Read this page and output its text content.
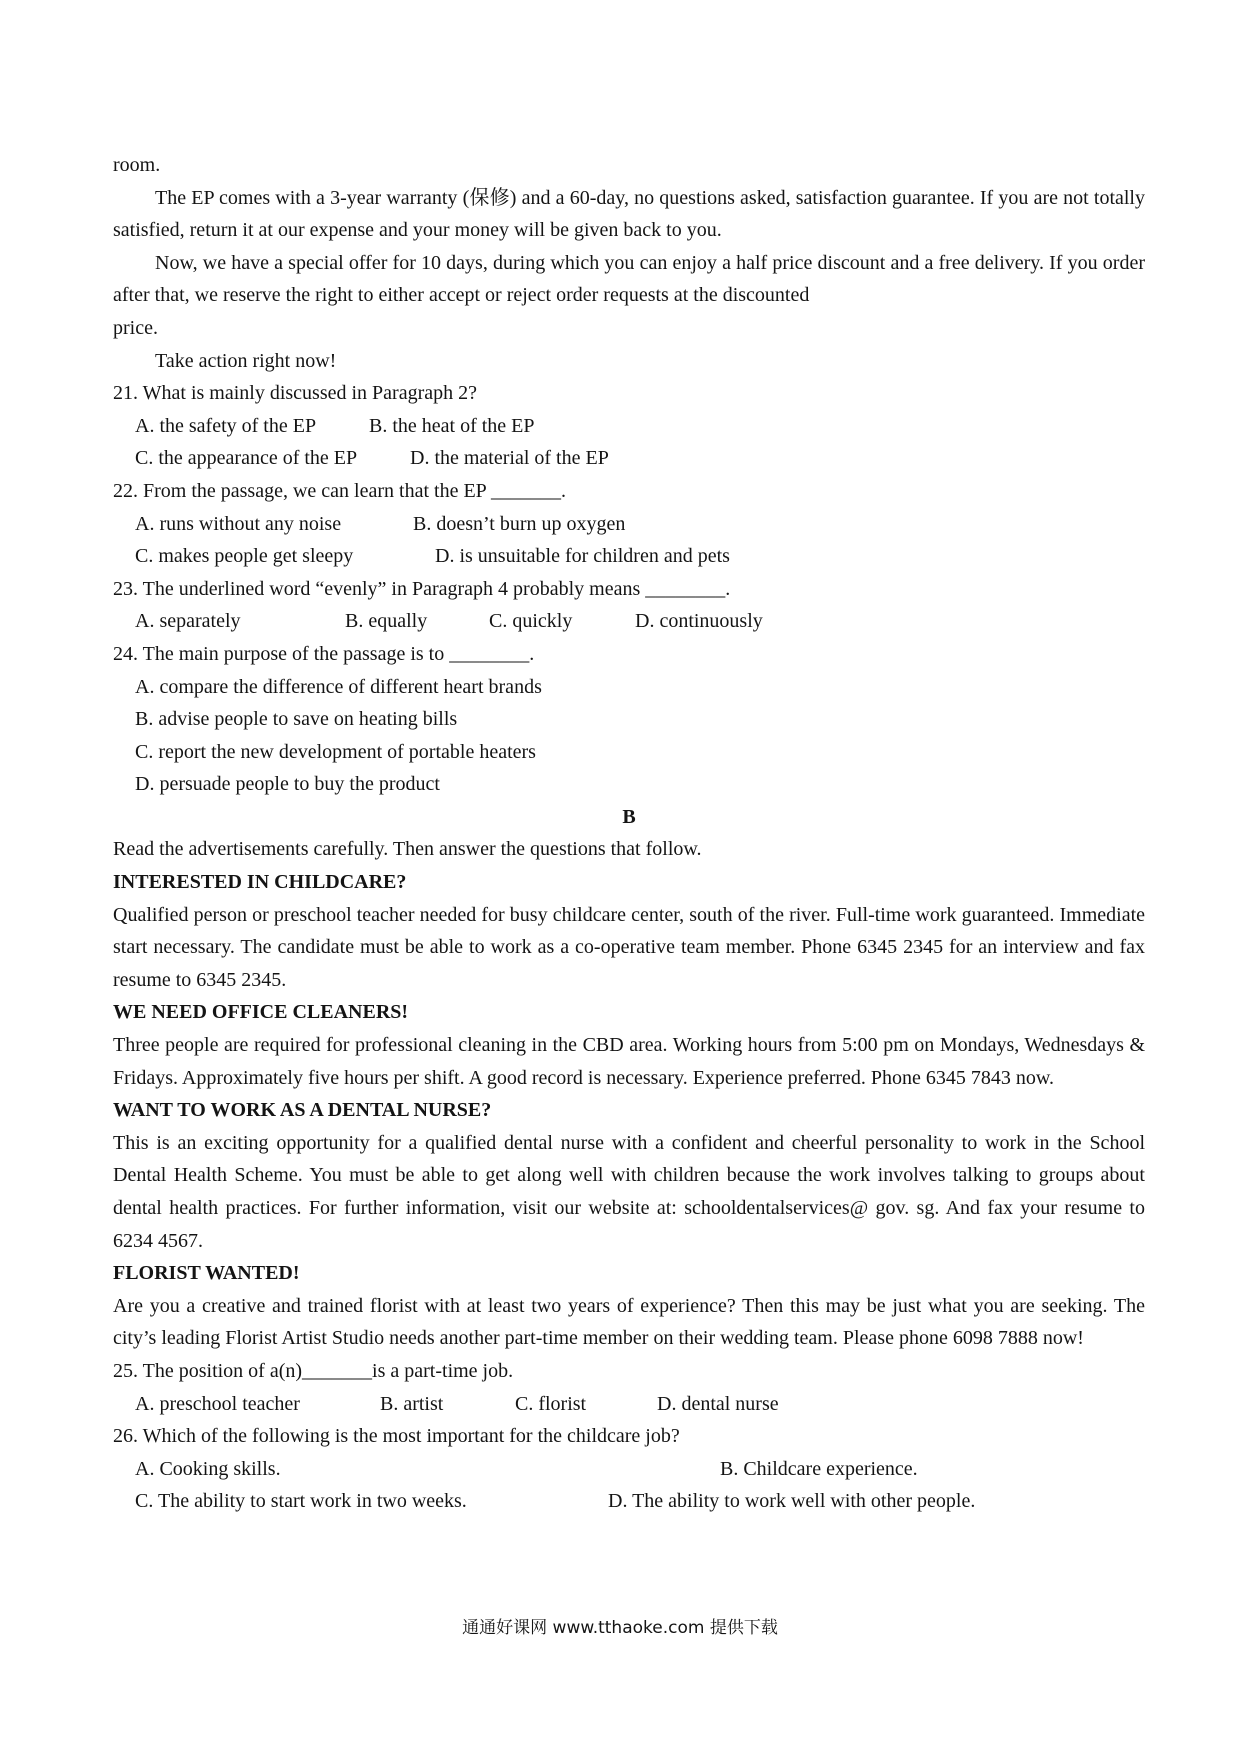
room.

The EP comes with a 3-year warranty (保修) and a 60-day, no questions asked, satisfaction guarantee. If you are not totally satisfied, return it at our expense and your money will be given back to you.

Now, we have a special offer for 10 days, during which you can enjoy a half price discount and a free delivery. If you order after that, we reserve the right to either accept or reject order requests at the discounted

price.

Take action right now!

21. What is mainly discussed in Paragraph 2?

A. the safety of the EP	B. the heat of the EP
C. the appearance of the EP	D. the material of the EP

22. From the passage, we can learn that the EP _______.

A. runs without any noise	B. doesn’t burn up oxygen
C. makes people get sleepy	D. is unsuitable for children and pets

23. The underlined word “evenly” in Paragraph 4 probably means ________.

A. separately	B. equally	C. quickly	D. continuously

24. The main purpose of the passage is to ________.

A. compare the difference of different heart brands
B. advise people to save on heating bills
C. report the new development of portable heaters
D. persuade people to buy the product

B

Read the advertisements carefully. Then answer the questions that follow.

INTERESTED IN CHILDCARE?

Qualified person or preschool teacher needed for busy childcare center, south of the river. Full-time work guaranteed. Immediate start necessary. The candidate must be able to work as a co-operative team member. Phone 6345 2345 for an interview and fax resume to 6345 2345.

WE NEED OFFICE CLEANERS!

Three people are required for professional cleaning in the CBD area. Working hours from 5:00 pm on Mondays, Wednesdays & Fridays. Approximately five hours per shift. A good record is necessary. Experience preferred. Phone 6345 7843 now.

WANT TO WORK AS A DENTAL NURSE?

This is an exciting opportunity for a qualified dental nurse with a confident and cheerful personality to work in the School Dental Health Scheme. You must be able to get along well with children because the work involves talking to groups about dental health practices. For further information, visit our website at: schooldentalservices@ gov. sg. And fax your resume to 6234 4567.

FLORIST WANTED!

Are you a creative and trained florist with at least two years of experience? Then this may be just what you are seeking. The city’s leading Florist Artist Studio needs another part-time member on their wedding team. Please phone 6098 7888 now!

25. The position of a(n)_______is a part-time job.

A. preschool teacher	B. artist	C. florist	D. dental nurse

26. Which of the following is the most important for the childcare job?

A. Cooking skills.	B. Childcare experience.
C. The ability to start work in two weeks.	D. The ability to work well with other people.
通通好课网 www.tthaoke.com 提供下载
